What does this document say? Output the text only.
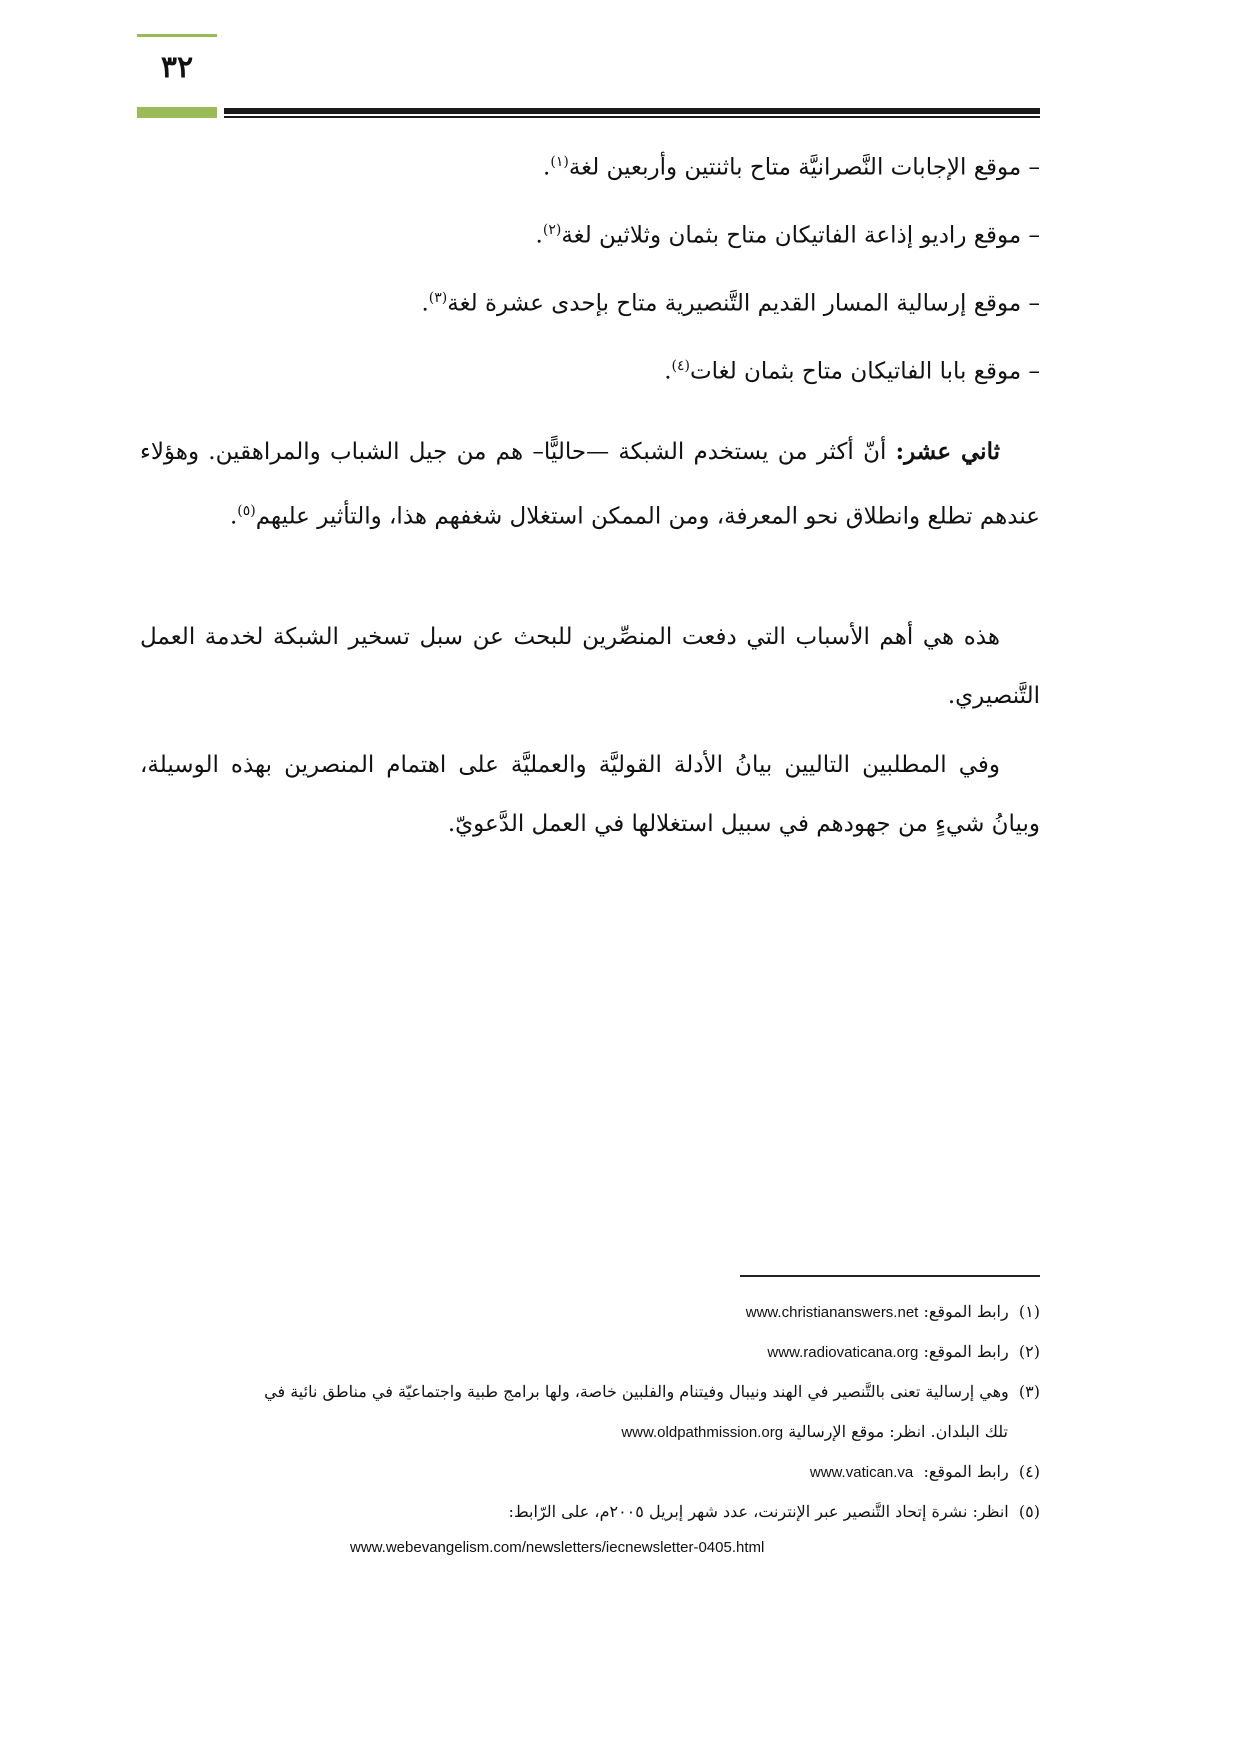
٣٢
– موقع الإجابات النَّصرانيَّة متاح باثنتين وأربعين لغة$^{(١)}$.
– موقع راديو إذاعة الفاتيكان متاح بثمان وثلاثين لغة$^{(٢)}$.
– موقع إرسالية المسار القديم التَّنصيرية متاح بإحدى عشرة لغة$^{(٣)}$.
– موقع بابا الفاتيكان متاح بثمان لغات$^{(٤)}$.
ثاني عشر: أنّ أكثر من يستخدم الشبكة —حاليًّا– هم من جيل الشباب والمراهقين. وهؤلاء عندهم تطلع وانطلاق نحو المعرفة، ومن الممكن استغلال شغفهم هذا، والتأثير عليهم$^{(٥)}$.
هذه هي أهم الأسباب التي دفعت المنصِّرين للبحث عن سبل تسخير الشبكة لخدمة العمل التَّنصيري.
وفي المطلبين التاليين بيانُ الأدلة القوليَّة والعمليَّة على اهتمام المنصرين بهذه الوسيلة، وبيانُ شيءٍ من جهودهم في سبيل استغلالها في العمل الدَّعويّ.
(١)  رابط الموقع: www.christiananswers.net
(٢)  رابط الموقع: www.radiovaticana.org
(٣)  وهي إرسالية تعنى بالتَّنصير في الهند ونيبال وفيتنام والفلبين خاصة، ولها برامج طبية واجتماعيّة في مناطق نائية في
تلك البلدان. انظر: موقع الإرسالية www.oldpathmission.org
(٤)  رابط الموقع:  www.vatican.va
(٥)  انظر: نشرة إتحاد التَّنصير عبر الإنترنت، عدد شهر إبريل ٢٠٠٥م، على الرّابط:
www.webevangelism.com/newsletters/iecnewsletter-0405.html
